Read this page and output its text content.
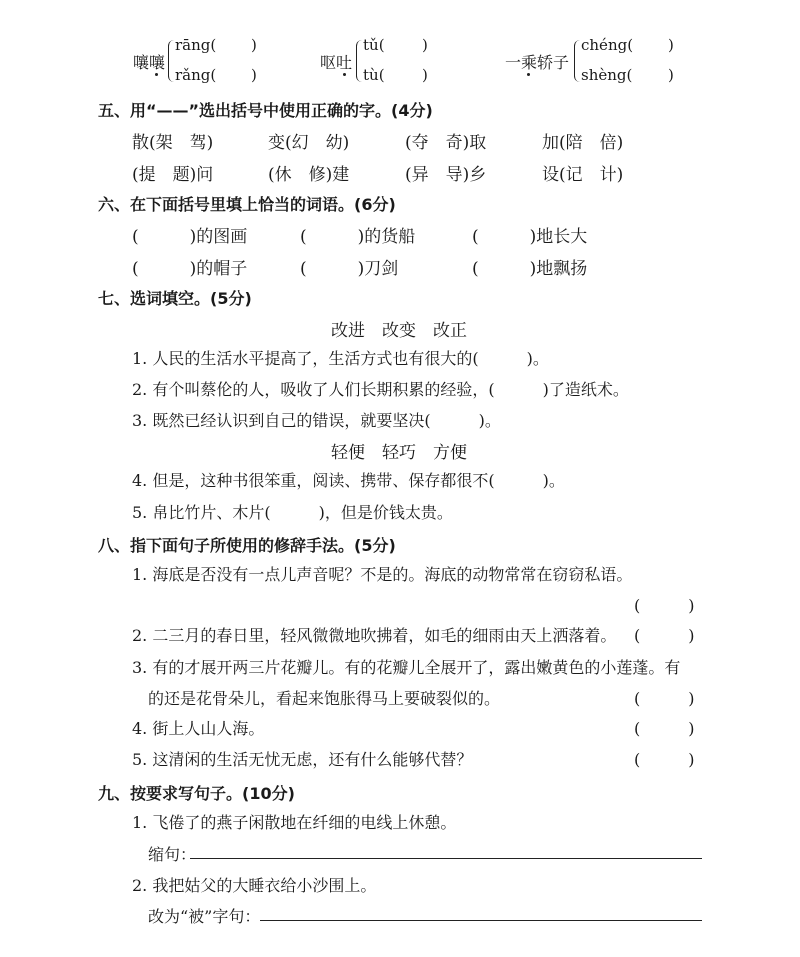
嚷嚷
rāng( )
rǎng( )
呕吐
tǔ( )
tù( )
一乘轿子
chéng( )
shèng( )
五、用“——”选出括号中使用正确的字。(4分)
散(架　驾)	变(幻　幼)	(夺　奇)取	加(陪　倍)
(提　题)问	(休　修)建	(异　导)乡	设(记　计)
六、在下面括号里填上恰当的词语。(6分)
(　　　)的图画	(　　　)的货船	(　　　)地长大
(　　　)的帽子	(　　　)刀剑	(　　　)地飘扬
七、选词填空。(5分)
改进　改变　改正
1. 人民的生活水平提高了，生活方式也有很大的(　　　)。
2. 有个叫蔡伦的人，吸收了人们长期积累的经验，(　　　)了造纸术。
3. 既然已经认识到自己的错误，就要坚决(　　　)。
轻便　轻巧　方便
4. 但是，这种书很笨重，阅读、携带、保存都很不(　　　)。
5. 帛比竹片、木片(　　　)，但是价钱太贵。
八、指下面句子所使用的修辞手法。(5分)
1. 海底是否没有一点儿声音呢？不是的。海底的动物常常在窃窃私语。
(　　　)
2. 二三月的春日里，轻风微微地吹拂着，如毛的细雨由天上洒落着。 (　　　)
3. 有的才展开两三片花瓣儿。有的花瓣儿全展开了，露出嫩黄色的小莲蓬。有
的还是花骨朵儿，看起来饱胀得马上要破裂似的。	(　　　)
4. 街上人山人海。	(　　　)
5. 这清闲的生活无忧无虑，还有什么能够代替？	(　　　)
九、按要求写句子。(10分)
1. 飞倦了的燕子闲散地在纤细的电线上休憩。
缩句：
2. 我把姑父的大睡衣给小沙围上。
改为“被”字句：
